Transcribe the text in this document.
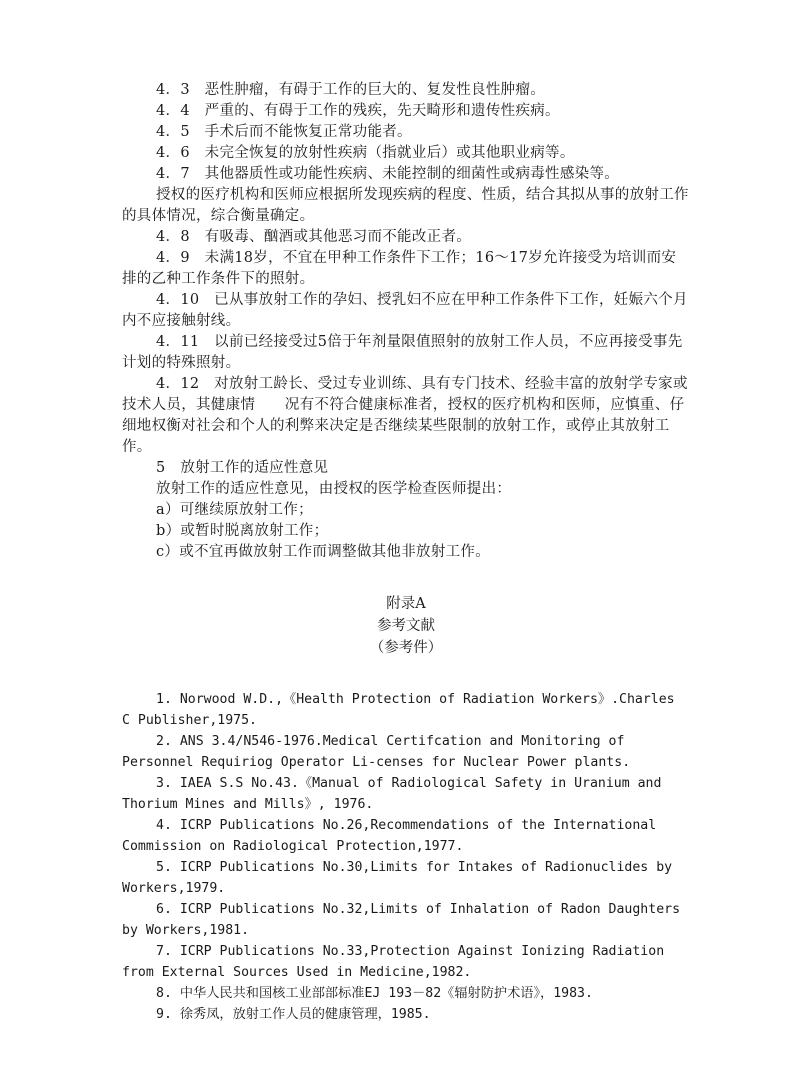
4．3　恶性肿瘤，有碍于工作的巨大的、复发性良性肿瘤。
4．4　严重的、有碍于工作的残疾，先天畸形和遗传性疾病。
4．5　手术后而不能恢复正常功能者。
4．6　未完全恢复的放射性疾病（指就业后）或其他职业病等。
4．7　其他器质性或功能性疾病、未能控制的细菌性或病毒性感染等。
授权的医疗机构和医师应根据所发现疾病的程度、性质，结合其拟从事的放射工作的具体情况，综合衡量确定。
4．8　有吸毒、酗酒或其他恶习而不能改正者。
4．9　未满18岁，不宜在甲种工作条件下工作；16～17岁允许接受为培训而安排的乙种工作条件下的照射。
4．10　已从事放射工作的孕妇、授乳妇不应在甲种工作条件下工作，妊娠六个月内不应接触射线。
4．11　以前已经接受过5倍于年剂量限值照射的放射工作人员，不应再接受事先计划的特殊照射。
4．12　对放射工龄长、受过专业训练、具有专门技术、经验丰富的放射学专家或技术人员，其健康情　　况有不符合健康标准者，授权的医疗机构和医师，应慎重、仔细地权衡对社会和个人的利弊来决定是否继续某些限制的放射工作，或停止其放射工作。
5　放射工作的适应性意见
放射工作的适应性意见，由授权的医学检查医师提出：
a）可继续原放射工作；
b）或暂时脱离放射工作；
c）或不宜再做放射工作而调整做其他非放射工作。
附录A
参考文献
（参考件）
1. Norwood W.D.,《Health Protection of Radiation Workers》.Charles C Publisher,1975.
2. ANS 3.4/N546-1976.Medical Certifcation and Monitoring of Personnel Requiriog Operator Li-censes for Nuclear Power plants.
3. IAEA S.S No.43.《Manual of Radiological Safety in Uranium and Thorium Mines and Mills》, 1976.
4. ICRP Publications No.26,Recommendations of the International Commission on Radiological Protection,1977.
5. ICRP Publications No.30,Limits for Intakes of Radionuclides by Workers,1979.
6. ICRP Publications No.32,Limits of Inhalation of Radon Daughters by Workers,1981.
7. ICRP Publications No.33,Protection Against Ionizing Radiation from External Sources Used in Medicine,1982.
8. 中华人民共和国核工业部部标准EJ 193－82《辐射防护术语》，1983.
9. 徐秀凤，放射工作人员的健康管理，1985.
